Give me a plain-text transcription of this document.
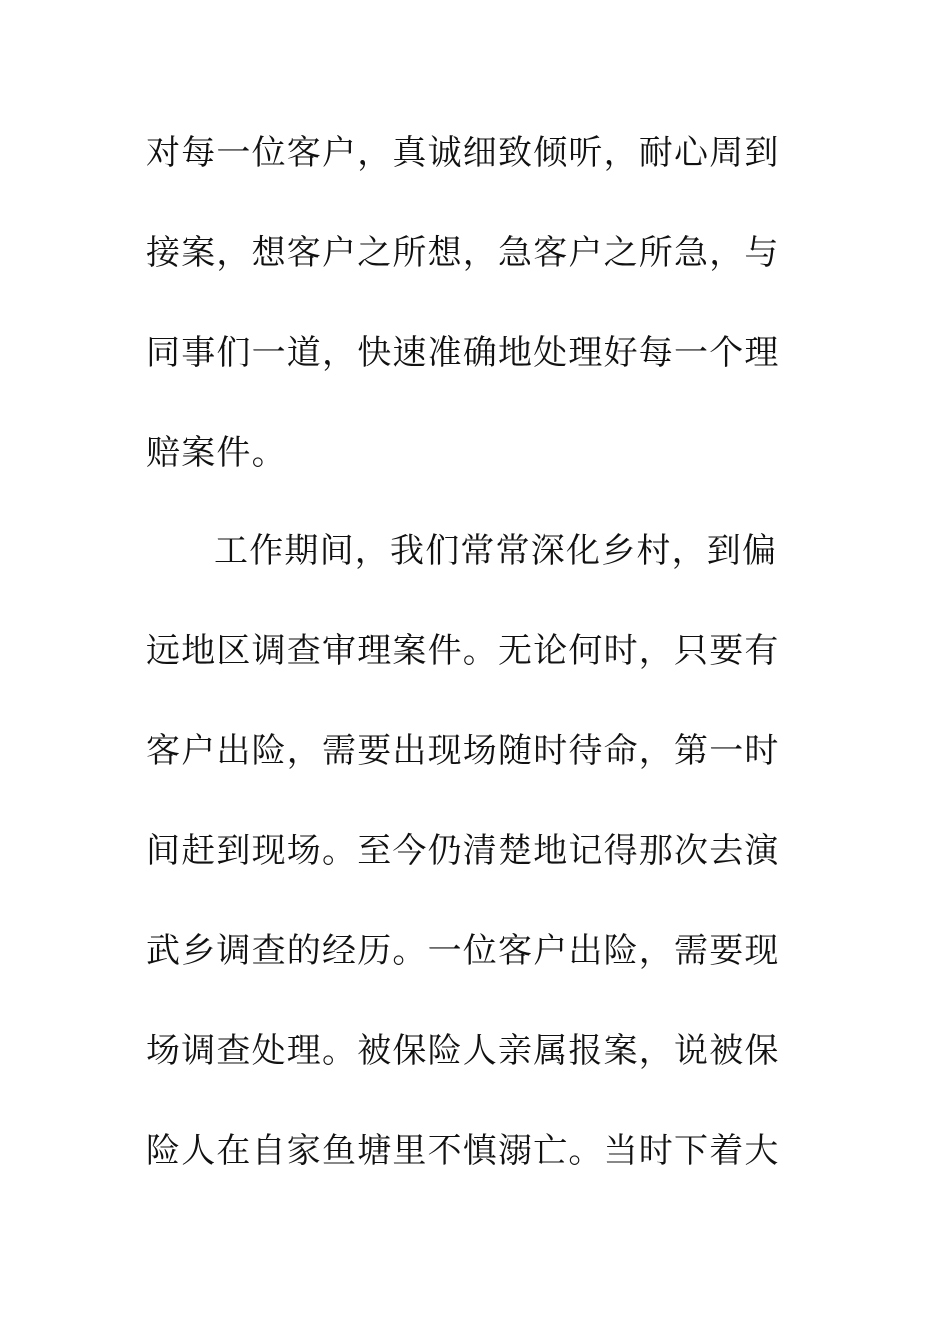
对每一位客户，真诚细致倾听，耐心周到
接案，想客户之所想，急客户之所急，与
同事们一道，快速准确地处理好每一个理
赔案件。
工作期间，我们常常深化乡村，到偏
远地区调查审理案件。无论何时，只要有
客户出险，需要出现场随时待命，第一时
间赶到现场。至今仍清楚地记得那次去演
武乡调查的经历。一位客户出险，需要现
场调查处理。被保险人亲属报案，说被保
险人在自家鱼塘里不慎溺亡。当时下着大
